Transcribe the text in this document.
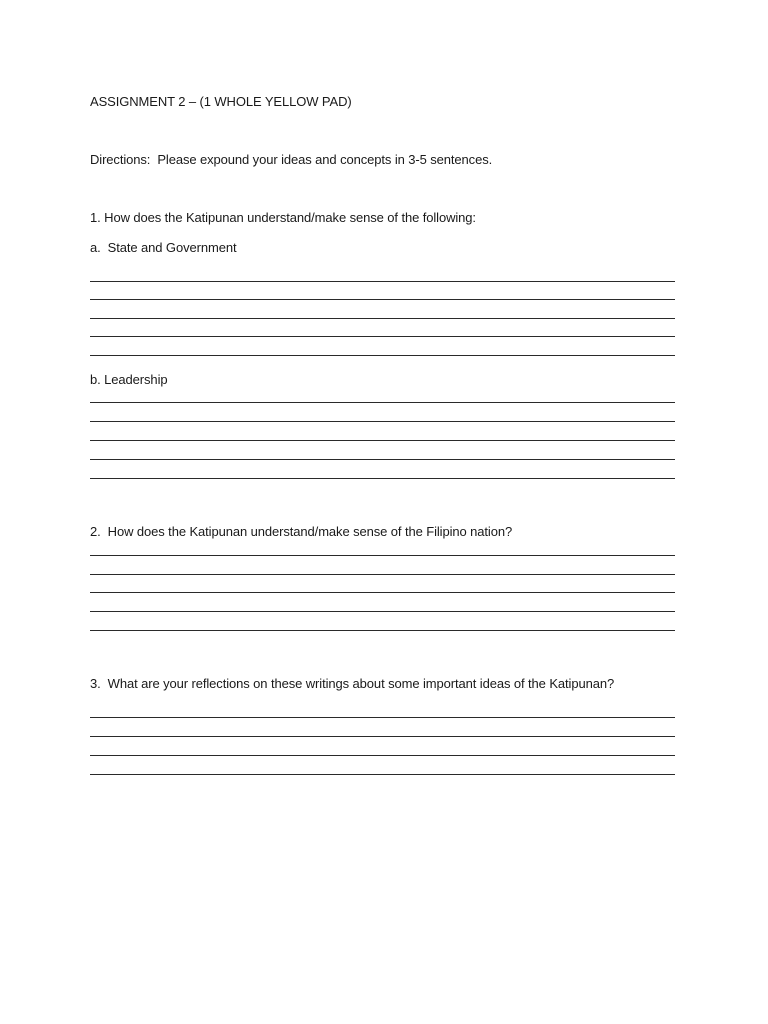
ASSIGNMENT 2 – (1 WHOLE YELLOW PAD)
Directions:  Please expound your ideas and concepts in 3-5 sentences.
1. How does the Katipunan understand/make sense of the following:
a.  State and Government
b. Leadership
2.  How does the Katipunan understand/make sense of the Filipino nation?
3.  What are your reflections on these writings about some important ideas of the Katipunan?
